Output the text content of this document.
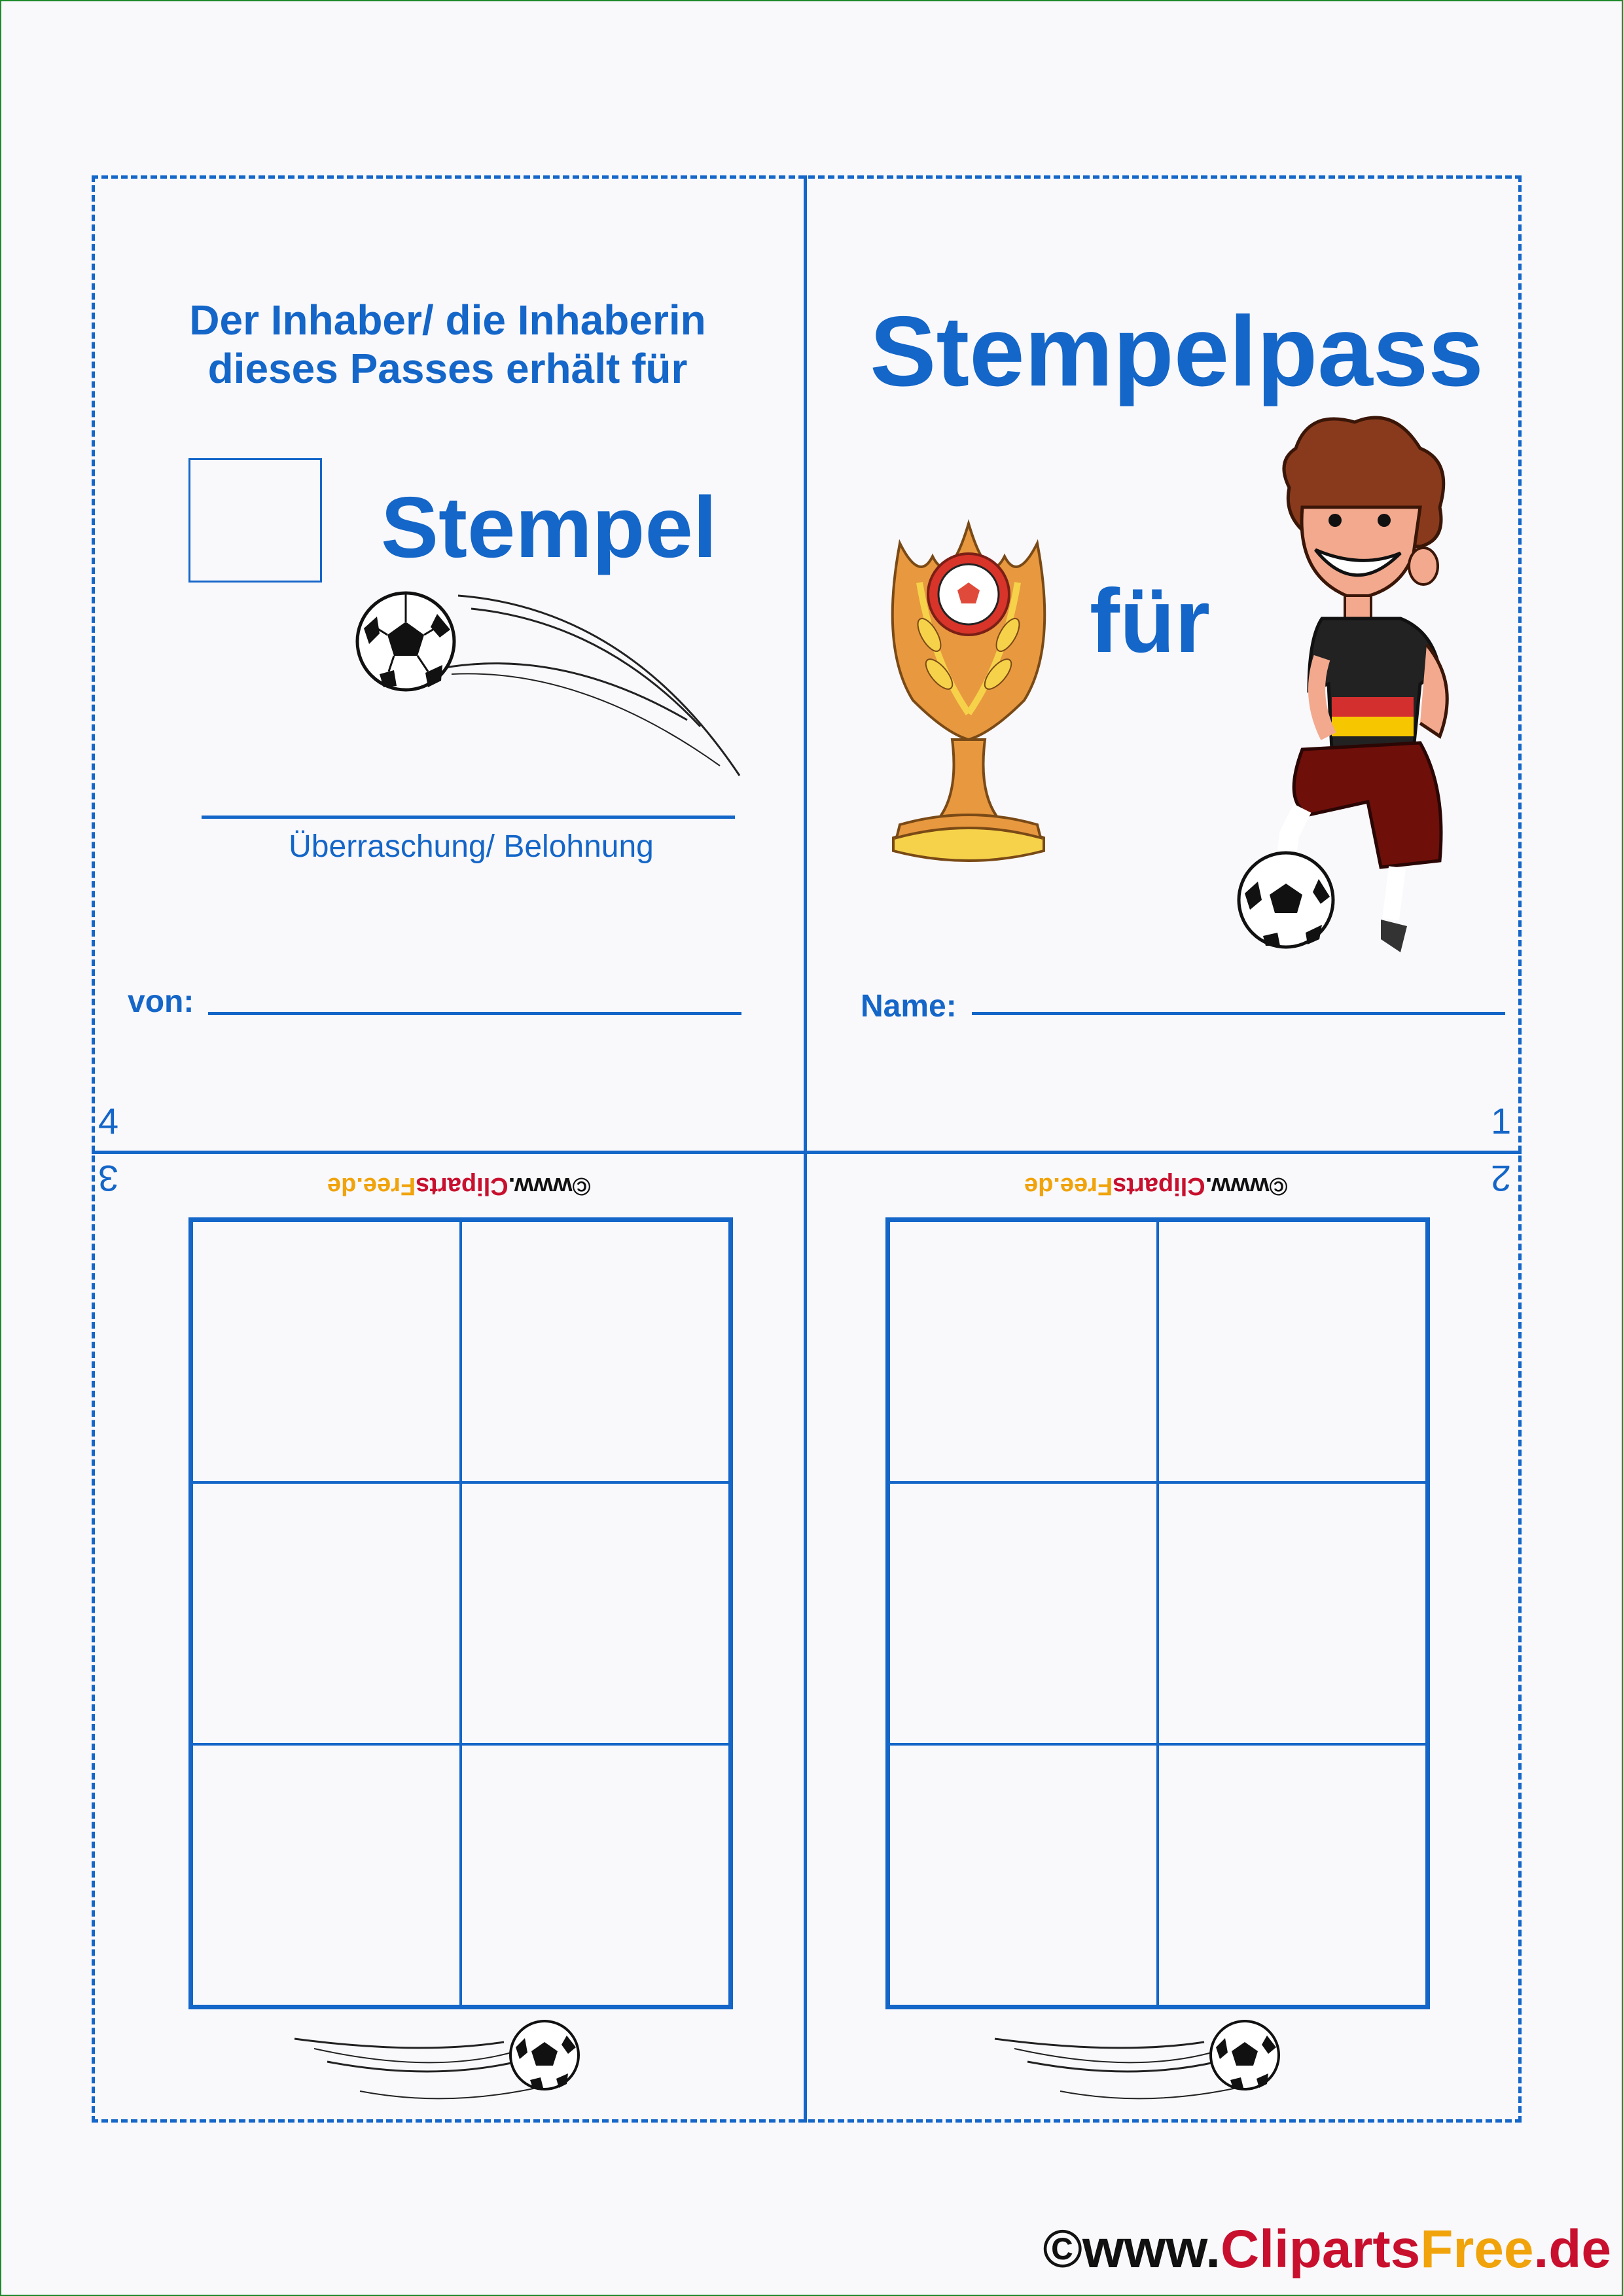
Der Inhaber/ die Inhaberin
dieses Passes erhält für
Stempel
Überraschung/ Belohnung
von:
4
Stempelpass
für
Name:
1
3	©www.ClipartsFree.de	2
©www.ClipartsFree.de
©www.ClipartsFree.de
